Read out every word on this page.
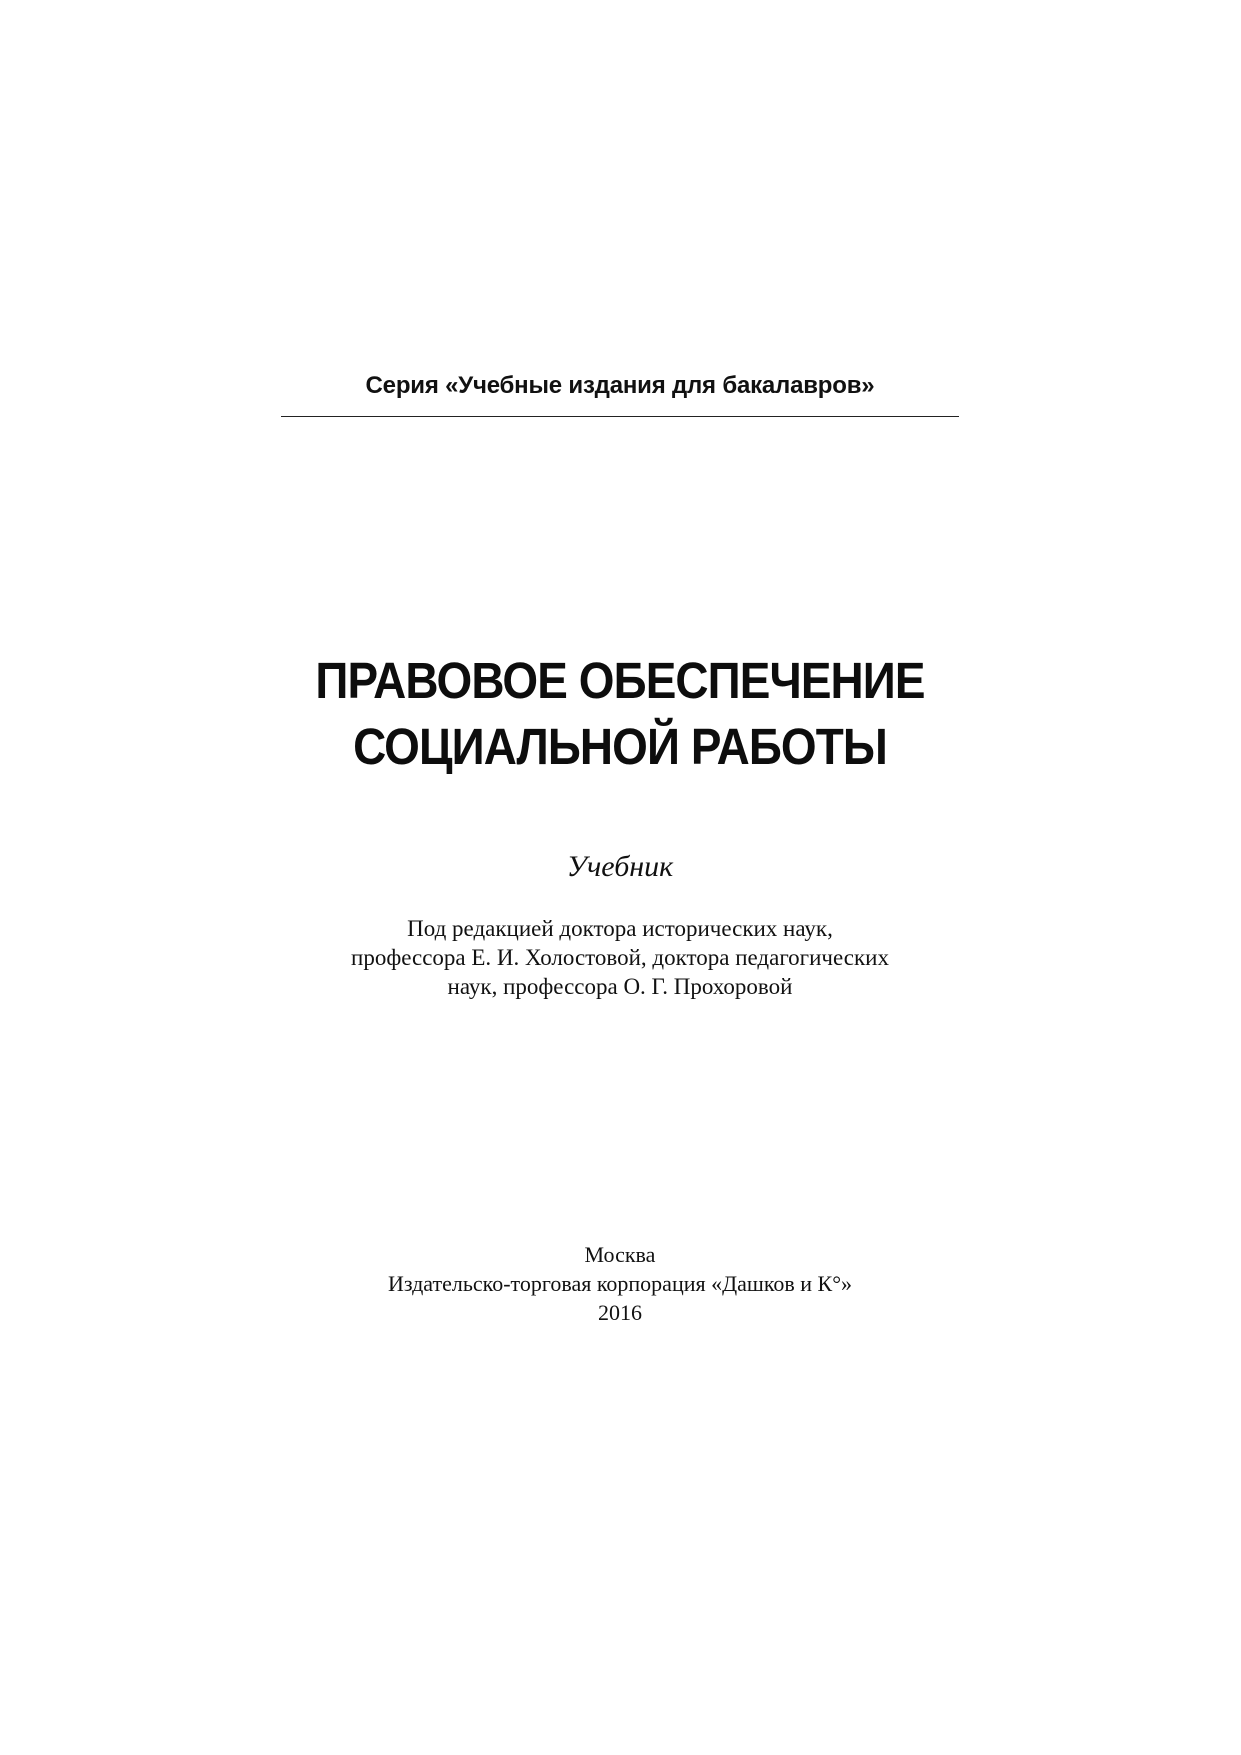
Серия «Учебные издания для бакалавров»
ПРАВОВОЕ ОБЕСПЕЧЕНИЕ
СОЦИАЛЬНОЙ РАБОТЫ
Учебник
Под редакцией доктора исторических наук,
профессора Е. И. Холостовой, доктора педагогических
наук, профессора О. Г. Прохоровой
Москва
Издательско-торговая корпорация «Дашков и К°»
2016
